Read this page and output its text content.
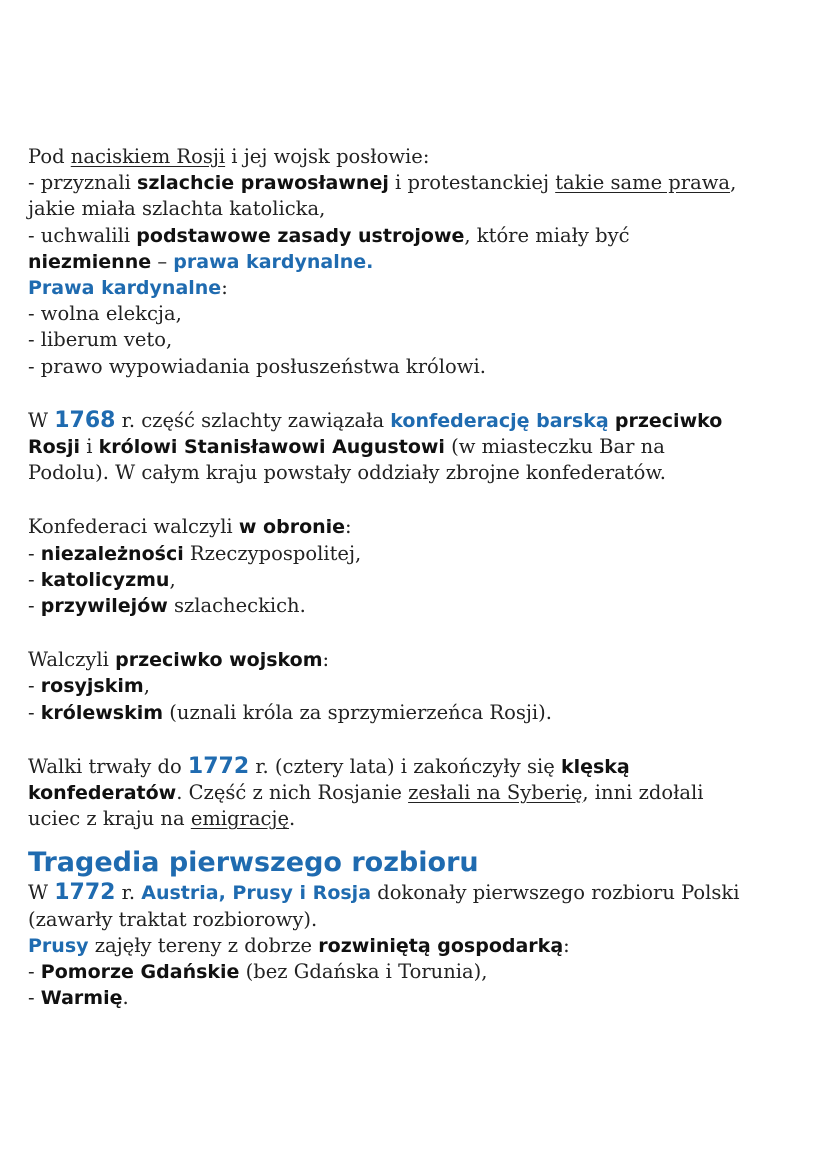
Pod naciskiem Rosji i jej wojsk posłowie:
- przyznali szlachcie prawosławnej i protestanckiej takie same prawa,
jakie miała szlachta katolicka,
- uchwalili podstawowe zasady ustrojowe, które miały być
niezmienne – prawa kardynalne.
Prawa kardynalne:
- wolna elekcja,
- liberum veto,
- prawo wypowiadania posłuszeństwa królowi.
W 1768 r. część szlachty zawiązała konfederację barską przeciwko
Rosji i królowi Stanisławowi Augustowi (w miasteczku Bar na
Podolu). W całym kraju powstały oddziały zbrojne konfederatów.
Konfederaci walczyli w obronie:
- niezależności Rzeczypospolitej,
- katolicyzmu,
- przywilejów szlacheckich.
Walczyli przeciwko wojskom:
- rosyjskim,
- królewskim (uznali króla za sprzymierzeńca Rosji).
Walki trwały do 1772 r. (cztery lata) i zakończyły się klęską
konfederatów. Część z nich Rosjanie zesłali na Syberię, inni zdołali
uciec z kraju na emigrację.
Tragedia pierwszego rozbioru
W 1772 r. Austria, Prusy i Rosja dokonały pierwszego rozbioru Polski
(zawarły traktat rozbiorowy).
Prusy zajęły tereny z dobrze rozwiniętą gospodarką:
- Pomorze Gdańskie (bez Gdańska i Torunia),
- Warmię.
